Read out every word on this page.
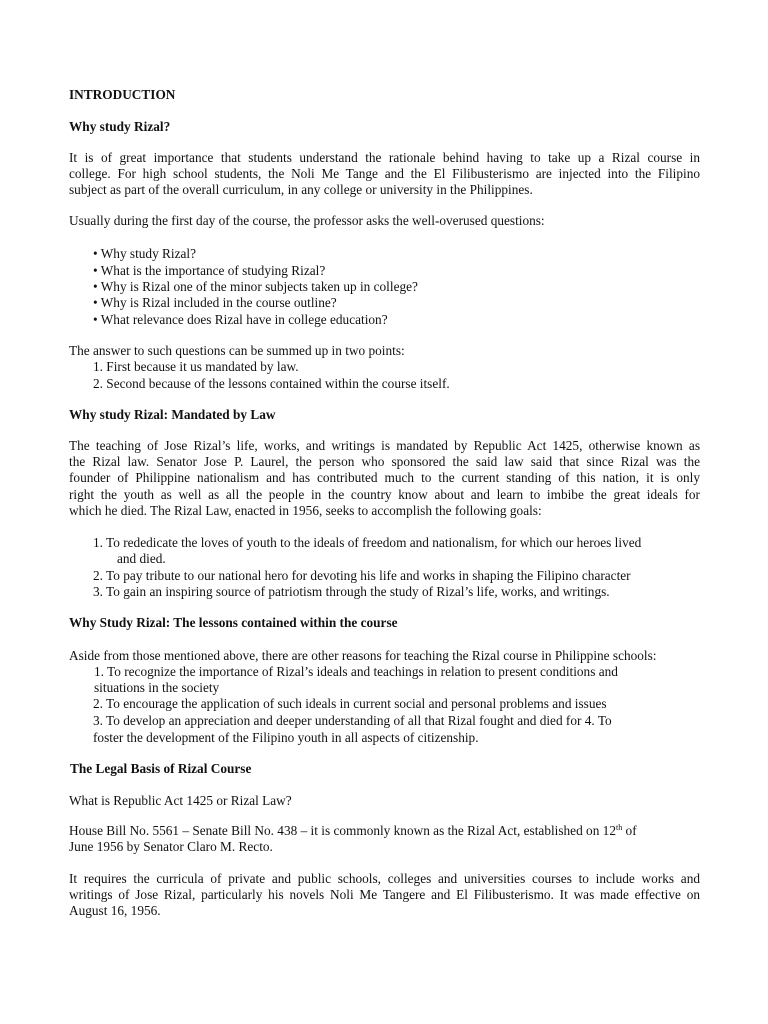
INTRODUCTION
Why study Rizal?
It is of great importance that students understand the rationale behind having to take up a Rizal course in
college. For high school students, the Noli Me Tange and the El Filibusterismo are injected into the Filipino
subject as part of the overall curriculum, in any college or university in the Philippines.
Usually during the first day of the course, the professor asks the well-overused questions:
• Why study Rizal?
• What is the importance of studying Rizal?
• Why is Rizal one of the minor subjects taken up in college?
• Why is Rizal included in the course outline?
• What relevance does Rizal have in college education?
The answer to such questions can be summed up in two points:
1. First because it us mandated by law.
2. Second because of the lessons contained within the course itself.
Why study Rizal: Mandated by Law
The teaching of Jose Rizal’s life, works, and writings is mandated by Republic Act 1425, otherwise known as
the Rizal law. Senator Jose P. Laurel, the person who sponsored the said law said that since Rizal was the
founder of Philippine nationalism and has contributed much to the current standing of this nation, it is only
right the youth as well as all the people in the country know about and learn to imbibe the great ideals for
which he died. The Rizal Law, enacted in 1956, seeks to accomplish the following goals:
1. To rededicate the loves of youth to the ideals of freedom and nationalism, for which our heroes lived
and died.
2. To pay tribute to our national hero for devoting his life and works in shaping the Filipino character
3. To gain an inspiring source of patriotism through the study of Rizal’s life, works, and writings.
Why Study Rizal: The lessons contained within the course
Aside from those mentioned above, there are other reasons for teaching the Rizal course in Philippine schools:
1. To recognize the importance of Rizal’s ideals and teachings in relation to present conditions and
situations in the society
2. To encourage the application of such ideals in current social and personal problems and issues
3. To develop an appreciation and deeper understanding of all that Rizal fought and died for 4. To
foster the development of the Filipino youth in all aspects of citizenship.
The Legal Basis of Rizal Course
What is Republic Act 1425 or Rizal Law?
House Bill No. 5561 – Senate Bill No. 438 – it is commonly known as the Rizal Act, established on 12th of
June 1956 by Senator Claro M. Recto.
It requires the curricula of private and public schools, colleges and universities courses to include works and
writings of Jose Rizal, particularly his novels Noli Me Tangere and El Filibusterismo. It was made effective on
August 16, 1956.
